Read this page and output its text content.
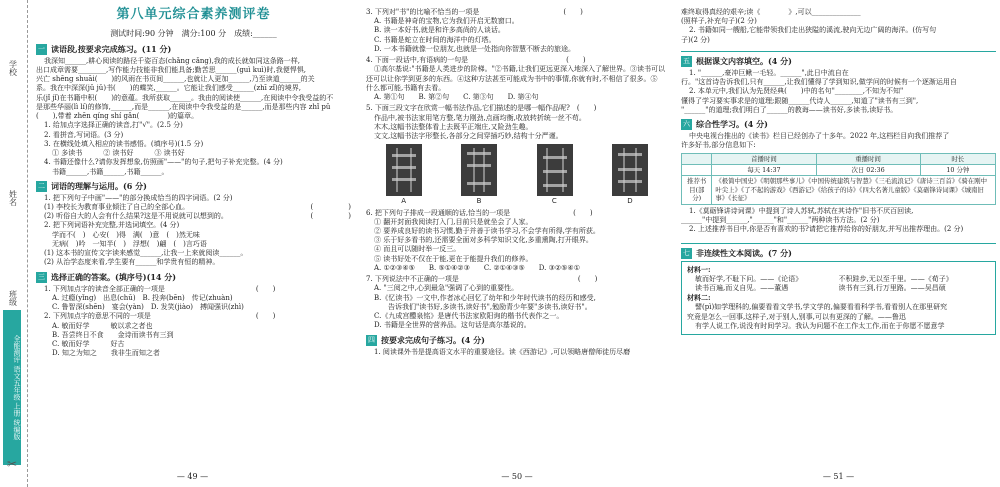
学校
姓名
班级
全能测评 语文五年级 上册 统编版
✂
第八单元综合素养测评卷
测试时间:90 分钟　满分:100 分　成绩:______
一 读语段,按要求完成练习。(11 分)
我深知______,耕心阅读的路径千姿百态(chǎng cǎng),我的成长就如同这条路一样,
出口成章需要________,写作能力技能非我们能具备;勤苦思______(guì kuì)时,我便悍惧,
兴亡 shēng shuāi(　　)的风雨在书页间______,也就让人更加______,乃至读道______的关
系。我在中深深(jǔ jǔ)书(　　)的蝶笑,______。它能让我们感受______(zhī zǐ)的境界,
乐(jǐ jǐ)在书籍中积(　　)的意蕴。我所获取______。我由的阅读使______,在阅读中令我受益的不
是那些华丽(lì lí)的修饰,______,而是______,在阅读中令我受益的是______,而是那些内容 zhǐ pǔ
(　　),带着 zhēn qíng shí gǎn(　　　　)的篇章。
1. 给加点字选择正确的读音,打"√"。(2.5 分)
2. 看拼音,写词语。(3 分)
3. 在横线处填入相应的读书感悟。(填序号)(1.5 分)
① 多读书　　　② 读书好　　　③ 读书好
4. 书籍还像什么?请你发挥想象,仿照画"——"的句子,把句子补充完整。(4 分)
书籍______,书籍______,书籍______。
二 词语的理解与运用。(6 分)
1. 把下列句子中画"——"的部分换成恰当的四字词语。(2 分)
(1) 李校长为教育事业倾注了自己的全部心血。	(　　　　　)
(2) 听俗自大的人会有什么结果?这是不用说就可以想到的。	(　　　　　)
2. 把下列词语补充完整,并选词填空。(4 分)
学而不(　)　心安(　)得　满(　)意　(　)然无味
无病(　)吟　一知半(　)　浮想(　)翩　(　)言巧语
(1) 这本书的宣传文字读来感觉______,让我一上来就阅读______。
(2) 从治学态度来看,学生要有______和学贵有恒的精神。
三 选择正确的答案。(填序号)(14 分)
1. 下列加点字的读音全部正确的一项是　　　　　　　　　　　　　(　　)
A. 过瘾(yǐng)　出息(chū)　B. 投奔(bēn)　传记(zhuàn)
C. 鲁智深(shēn)　宴会(yàn)　D. 发笑(jiào)　搏闻强识(zhì)
2. 下列加点字的意思不同的一项是　　　　　　　　　　　　　　　(　　)
A. 敏而好学　　　敏以求之者也
B. 吾尝终日不食　　金诗而读书有三到
C. 敏而好学　　　好古
D. 知之为知之　　我非生而知之者
— 49 —
3. 下列对"书"的比喻不恰当的一项是　　　　　　　　　　　　(　　)
A. 书籍是神奇的宝物,它为我们开启无数窗口。
B. 读一本好书,就是和许多高尚的人谈话。
C. 书籍是蛇立在时间的海洋中的灯塔。
D. 一本书籍就像一位朋友,也就是一处指向你智慧不断去的旅途。
4. 下面一段话中,有语病的一句是　　　　　　　　　　　　　　(　　)
①高尔基说:"书籍是人类进步的阶梯。"②书籍,让我们更远更深入地深入了解世界。③读书可以
还可以让你学到更多的东西。④这种方法甚至可能成为书中的事情,你就有时,不相信了很多。⑤
什么都可能,书籍有去看。
A. 第①句　　B. 第②句　　C. 第③句　　D. 第④句
5. 下面三段文字在欣赏一幅书法作品,它们描述的是哪一幅作品呢?　(　　)
作品中,被书法家用笔方整,笔力刚劲,点画均衡,收放转折统一丝不苟。
木木,这幅书法整体看上去既平正端庄,又险劲生趣。
文文,这幅书法字形整长,各部分之间穿插巧妙,结构十分严谨。
A	B	C	D
6. 把下列句子排成一段通顺的话,恰当的一项是　　　　　　　　　(　　)
① 翻开封面我阅读打入门,目前只是就坐会了人家。
② 要养成良好的读书习惯,勤于并善于读书学习,不会学有所得,学有所获。
③ 乐于好多看书的,还需要全面对多科学知识文化,多重熏陶,打开眼界。
④ 而且可以随时举一反三。
⑤ 读书好处不仅在于能,更在于能提升我们的修养。
A. ①②③④⑤　　B. ⑤①④②③　　C. ②①④③⑤　　D. ③②⑤④①
7. 下列说法中不正确的一项是　　　　　　　　　　　　　　　　　(　　)
A. "三阅之中,心到最急"强调了心到的重要性。
B.《忆读书》一文中,作者冰心回忆了幼年和少年时代读书的经历和感受,
　　告诉我们"读书好,多读书,读好书",勉励青少年要"多读书,读好书"。
C.《九成宫醴泉铭》是唐代书法家欧阳询的楷书代表作之一。
D. 书籍是全世界的营养品。这句话是高尔基说的。
四 按要求完成句子练习。(4 分)
1. 阅读课外书是提高语文水平的重要途径。读《西游记》,可以领略唐僧师徒历尽磨
— 50 —
难终取得真经的艰辛;读《　　　　》,可以______________
(照样子,补充句子)(2 分)
2. 书籍如同一艘船,它能带领我们走出狭隘的溪流,驶向无边广阔的海洋。(仿写句
子)(2 分)
五 根据课文内容填空。(4 分)
1. "______,豪冲巨鳅一毛轻。______",此日中流自在
行。"这首诗告诉我们,只有______,让我们懂得了学到知识,做学问的时候有一个逐渐运用自
2. 本单元中,我们认为先贤经典(　　)中的名句"________,不知为不知"
懂得了学习要实事求是的道理;跟随______代诗人______,知道了"读书有三到",
"______"的道理;我们明白了______的教诲——读书好,多读书,读好书。
六 综合性学习。(4 分)
中央电视台推出的《读书》栏目已经创办了十多年。2022 年,这档栏目向我们推荐了
许多好书,部分信息如下:
	首播时间	重播时间	时长
	每天 14:37	次日 02:36	10 分钟
推荐书目(部分)	《极简中国史》《明朝那些事儿》《中国传统建筑与智慧》《三毛流浪记》《唐诗三百首》《骑在刚中叶尖上》《了不起的游戏》《西游记》《给孩子的诗》《四大名著儿童版》《莫砺锋诗词课》《城南旧事》《长征》		
1.《莫砺锋讲诗词课》中提到了诗人苏轼,苏轼在其诗作"旧书不厌百回读,
______"中提到______,"______"和"______"两种读书方法。(2 分)
2. 上述推荐书目中,你是否有喜欢的书?请把它推荐给你的好朋友,并写出推荐理由。(2 分)
七 非连续性文本阅读。(7 分)
材料一:
敏而好学,不耻下问。——《论语》
读书百遍,而义自见。——董遇
不积跬步,无以至千里。——《荀子》
读书有三到,行万里路。——吴昌硕
材料二:
譬(pì)如学理科的,偏要看看文学书,学文学的,偏要看看科学书,看看别人在那里研究
究竟是怎么一回事,这样子,对于别人,别事,可以有更深的了解。——鲁迅
有学人说工作,说没有时间学习。我认为问题不在工作太工作,而在于你愿不愿意学
— 51 —
